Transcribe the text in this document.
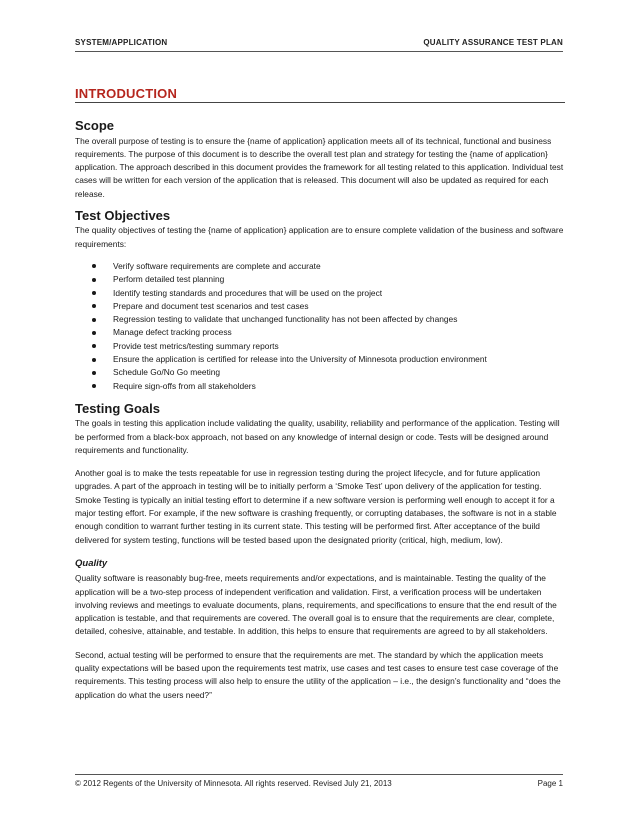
SYSTEM/APPLICATION	QUALITY ASSURANCE TEST PLAN
INTRODUCTION
Scope

The overall purpose of testing is to ensure the {name of application} application meets all of its technical, functional and business requirements. The purpose of this document is to describe the overall test plan and strategy for testing the {name of application} application. The approach described in this document provides the framework for all testing related to this application. Individual test cases will be written for each version of the application that is released. This document will also be updated as required for each release.

Test Objectives

The quality objectives of testing the {name of application} application are to ensure complete validation of the business and software requirements:

Verify software requirements are complete and accurate
Perform detailed test planning
Identify testing standards and procedures that will be used on the project
Prepare and document test scenarios and test cases
Regression testing to validate that unchanged functionality has not been affected by changes
Manage defect tracking process
Provide test metrics/testing summary reports
Ensure the application is certified for release into the University of Minnesota production environment
Schedule Go/No Go meeting
Require sign-offs from all stakeholders
Testing Goals

The goals in testing this application include validating the quality, usability, reliability and performance of the application. Testing will be performed from a black-box approach, not based on any knowledge of internal design or code. Tests will be designed around requirements and functionality.

Another goal is to make the tests repeatable for use in regression testing during the project lifecycle, and for future application upgrades. A part of the approach in testing will be to initially perform a ‘Smoke Test’ upon delivery of the application for testing. Smoke Testing is typically an initial testing effort to determine if a new software version is performing well enough to accept it for a major testing effort. For example, if the new software is crashing frequently, or corrupting databases, the software is not in a stable enough condition to warrant further testing in its current state. This testing will be performed first. After acceptance of the build delivered for system testing, functions will be tested based upon the designated priority (critical, high, medium, low).

Quality

Quality software is reasonably bug-free, meets requirements and/or expectations, and is maintainable. Testing the quality of the application will be a two-step process of independent verification and validation. First, a verification process will be undertaken involving reviews and meetings to evaluate documents, plans, requirements, and specifications to ensure that the end result of the application is testable, and that requirements are covered. The overall goal is to ensure that the requirements are clear, complete, detailed, cohesive, attainable, and testable. In addition, this helps to ensure that requirements are agreed to by all stakeholders.

Second, actual testing will be performed to ensure that the requirements are met. The standard by which the application meets quality expectations will be based upon the requirements test matrix, use cases and test cases to ensure test case coverage of the requirements. This testing process will also help to ensure the utility of the application – i.e., the design’s functionality and “does the application do what the users need?”

© 2012 Regents of the University of Minnesota. All rights reserved. Revised July 21, 2013	Page 1
